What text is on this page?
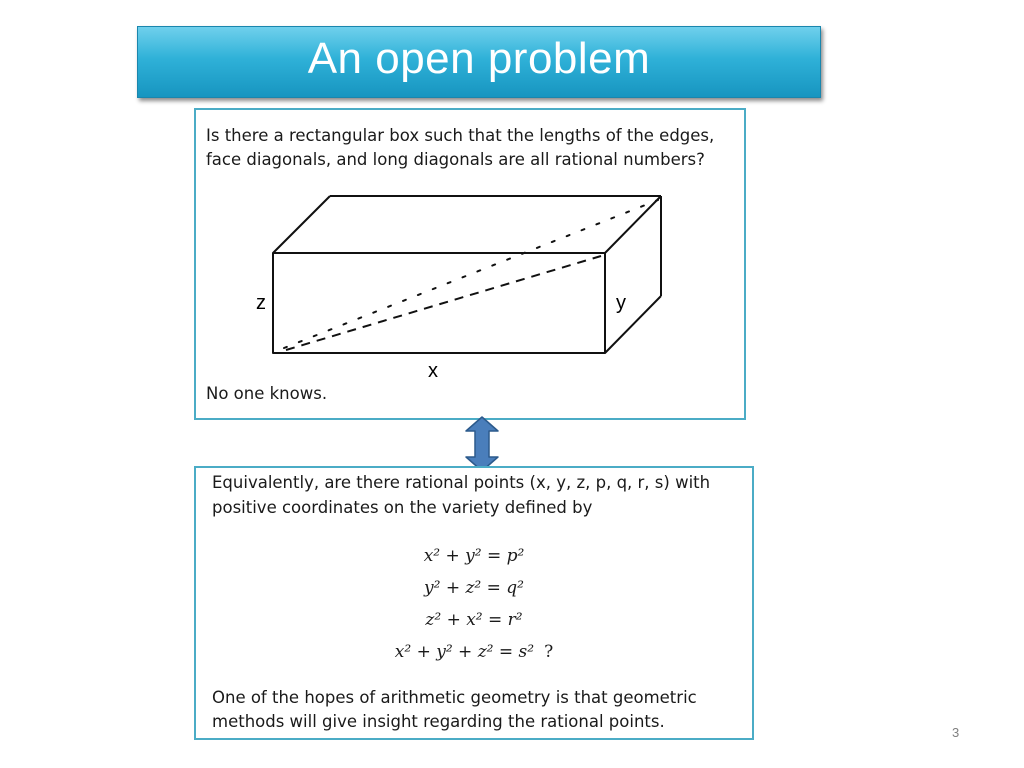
An open problem
Is there a rectangular box such that the lengths of the edges, face diagonals, and long diagonals are all rational numbers?
z	y
x
No one knows.
Equivalently, are there rational points (x, y, z, p, q, r, s) with positive coordinates on the variety defined by
x² + y² = p²
y² + z² = q²
z² + x² = r²
x² + y² + z² = s² ?
One of the hopes of arithmetic geometry is that geometric methods will give insight regarding the rational points.
3
